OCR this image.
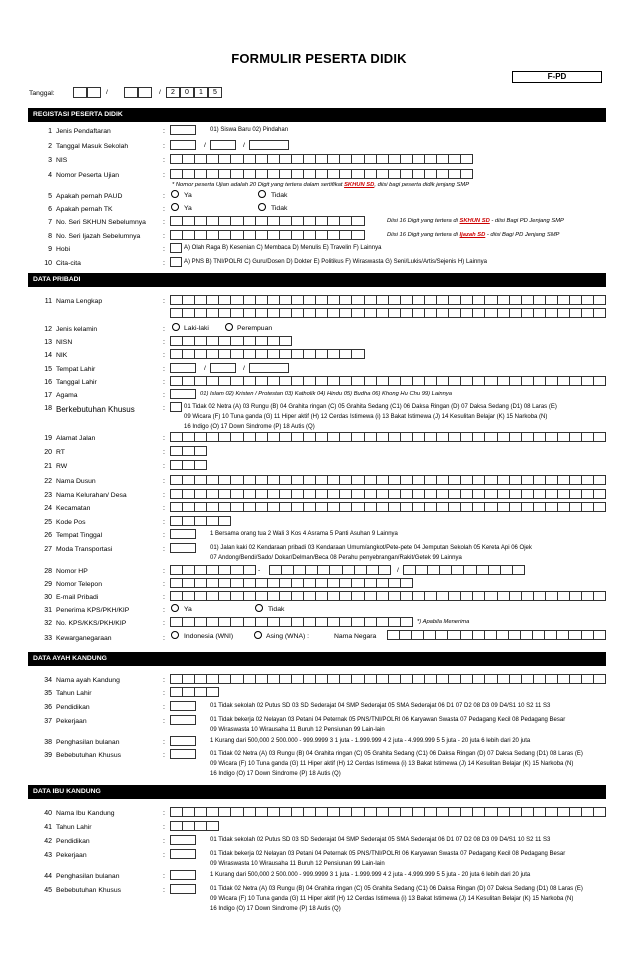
FORMULIR PESERTA DIDIK
F-PD
Tanggal:	/	/	2	0	1	5
REGISTASI PESERTA DIDIK
1 Jenis Pendaftaran	:	01) Siswa Baru 02) Pindahan
2 Tanggal Masuk Sekolah	:	/	/
3 NIS	:
4 Nomor Peserta Ujian	:
* Nomor peserta Ujian adalah 20 Digit yang tertera dalam sertifikat SKHUN SD, diisi bagi peserta didik jenjang SMP
5 Apakah pernah PAUD	:	Ya	Tidak
6 Apakah pernah TK	:	Ya	Tidak
7 No. Seri SKHUN Sebelumnya :	Diisi 16 Digit yang tertera di SKHUN SD - diisi Bagi PD Jenjang SMP
8 No. Seri Ijazah Sebelumnya	:	Diisi 16 Digit yang tertera di Ijazah SD - diisi Bagi PD Jenjang SMP
9 Hobi	:	A) Olah Raga B) Kesenian C) Membaca D) Menulis E) Travelin F) Lainnya
10 Cita-cita	:	A) PNS B) TNI/POLRI C) Guru/Dosen D) Dokter E) Politikus F) Wiraswasta G) Seni/Lukis/Artis/Sejenis H) Lainnya
DATA PRIBADI
11 Nama Lengkap	:
12 Jenis kelamin	:	Laki-laki	Perempuan
13 NISN	:
14 NIK	:
15 Tempat Lahir	:	/	/
16 Tanggal Lahir	:
17 Agama	:	01) Islam 02) Kristen / Protestan 03) Katholik 04) Hindu 05) Budha 06) Khong Hu Chu 99) Lainnya
18 Berkebutuhan Khusus	:	01 Tidak 02 Netra (A) 03 Rungu (B) 04 Grahita ringan (C) 05 Grahita Sedang (C1) 06 Daksa Ringan (D) 07 Daksa Sedang (D1) 08 Laras (E)
09 Wicara (F) 10 Tuna ganda (G) 11 Hiper aktif (H) 12 Cerdas Istimewa (i) 13 Bakat Istimewa (J) 14 Kesulitan Belajar (K) 15 Narkoba (N)
16 Indigo (O) 17 Down Sindrome (P) 18 Autis (Q)
19 Alamat Jalan	:
20 RT	:
21 RW	:
22 Nama Dusun	:
23 Nama Kelurahan/ Desa	:
24 Kecamatan	:
25 Kode Pos	:
26 Tempat Tinggal	:	1 Bersama orang tua 2 Wali 3 Kos 4 Asrama 5 Panti Asuhan 9 Lainnya
27 Moda Transportasi	:	01) Jalan kaki 02 Kendaraan pribadi 03 Kendaraan Umum/angkot/Pete-pete 04 Jemputan Sekolah 05 Kereta Api 06 Ojek
07 Andong/Bendi/Sado/ Dokar/Delman/Beca 08 Perahu penyebrangan/Rakit/Getek 99 Lainnya
28 Nomor HP	:	-	/
29 Nomor Telepon	:
30 E-mail Pribadi	:
31 Penerima KPS/PKH/KIP	:	Ya	Tidak
32 No. KPS/KKS/PKH/KIP	:	*) Apabila Menerima
33 Kewarganegaraan	:	Indonesia (WNI)	Asing (WNA) :	Nama Negara
DATA AYAH KANDUNG
34 Nama ayah Kandung	:
35 Tahun Lahir	:
36 Pendidikan	:	01 Tidak sekolah 02 Putus SD 03 SD Sederajat 04 SMP Sederajat 05 SMA Sederajat 06 D1 07 D2 08 D3 09 D4/S1 10 S2 11 S3
37 Pekerjaan	:	01 Tidak bekerja 02 Nelayan 03 Petani 04 Peternak 05 PNS/TNI/POLRI 06 Karyawan Swasta 07 Pedagang Kecil 08 Pedagang Besar
09 Wiraswasta 10 Wirausaha 11 Buruh 12 Pensiunan 99 Lain-lain
38 Penghasilan bulanan	:	1 Kurang dari 500,000 2 500.000 - 999.9999 3 1 juta - 1.999.999 4 2 juta - 4.999.999 5 5 juta - 20 juta 6 lebih dari 20 juta
39 Bebebutuhan Khusus	:	01 Tidak 02 Netra (A) 03 Rungu (B) 04 Grahita ringan (C) 05 Grahita Sedang (C1) 06 Daksa Ringan (D) 07 Daksa Sedang (D1) 08 Laras (E)
09 Wicara (F) 10 Tuna ganda (G) 11 Hiper aktif (H) 12 Cerdas Istimewa (i) 13 Bakat Istimewa (J) 14 Kesulitan Belajar (K) 15 Narkoba (N)
16 Indigo (O) 17 Down Sindrome (P) 18 Autis (Q)
DATA IBU KANDUNG
40 Nama Ibu Kandung	:
41 Tahun Lahir	:
42 Pendidikan	:	01 Tidak sekolah 02 Putus SD 03 SD Sederajat 04 SMP Sederajat 05 SMA Sederajat 06 D1 07 D2 08 D3 09 D4/S1 10 S2 11 S3
43 Pekerjaan	:	01 Tidak bekerja 02 Nelayan 03 Petani 04 Peternak 05 PNS/TNI/POLRI 06 Karyawan Swasta 07 Pedagang Kecil 08 Pedagang Besar
09 Wiraswasta 10 Wirausaha 11 Buruh 12 Pensiunan 99 Lain-lain
44 Penghasilan bulanan	:	1 Kurang dari 500,000 2 500.000 - 999.9999 3 1 juta - 1.999.999 4 2 juta - 4.999.999 5 5 juta - 20 juta 6 lebih dari 20 juta
45 Bebebutuhan Khusus	:	01 Tidak 02 Netra (A) 03 Rungu (B) 04 Grahita ringan (C) 05 Grahita Sedang (C1) 06 Daksa Ringan (D) 07 Daksa Sedang (D1) 08 Laras (E)
09 Wicara (F) 10 Tuna ganda (G) 11 Hiper aktif (H) 12 Cerdas Istimewa (i) 13 Bakat Istimewa (J) 14 Kesulitan Belajar (K) 15 Narkoba (N)
16 Indigo (O) 17 Down Sindrome (P) 18 Autis (Q)
